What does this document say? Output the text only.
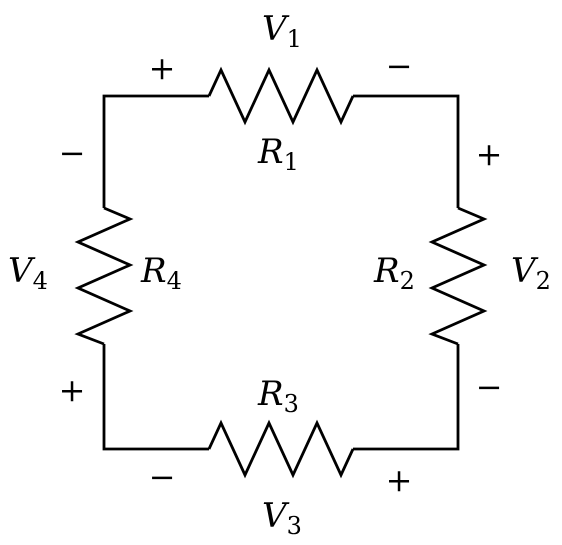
$V_1$
$R_1$
+	−
$R_2$	$V_2$
+
−
$R_3$
$V_3$
+
−
$V_4$	$R_4$
+
−
